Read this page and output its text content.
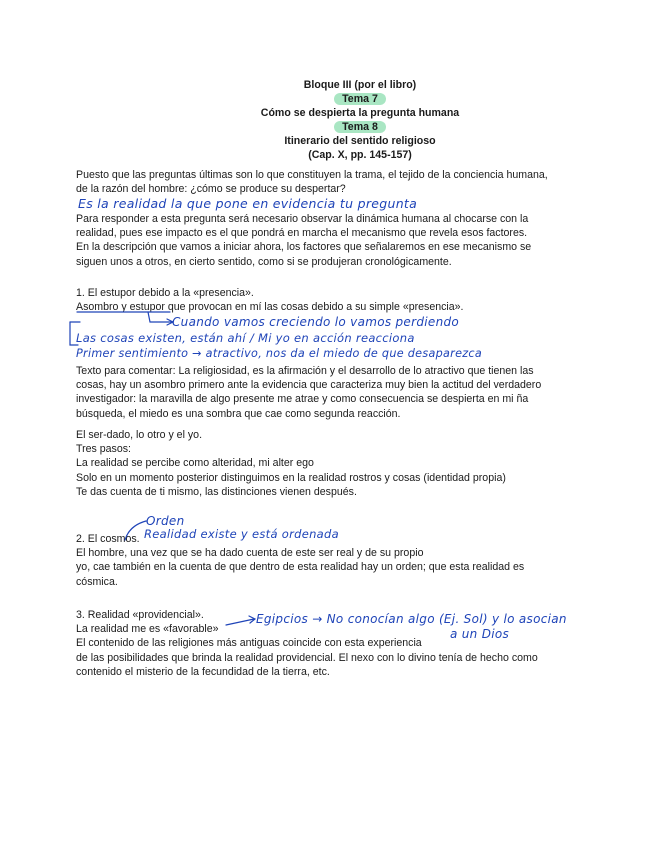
Bloque III (por el libro)
Tema 7
Cómo se despierta la pregunta humana
Tema 8
Itinerario del sentido religioso
(Cap. X, pp. 145-157)
Puesto que las preguntas últimas son lo que constituyen la trama, el tejido de la conciencia humana,
de la razón del hombre: ¿cómo se produce su despertar?
Es la realidad la que pone en evidencia tu pregunta
Para responder a esta pregunta será necesario observar la dinámica humana al chocarse con la
realidad, pues ese impacto es el que pondrá en marcha el mecanismo que revela esos factores.
En la descripción que vamos a iniciar ahora, los factores que señalaremos en ese mecanismo se
siguen unos a otros, en cierto sentido, como si se produjeran cronológicamente.
1. El estupor debido a la «presencia».
Asombro y estupor que provocan en mí las cosas debido a su simple «presencia».
Cuando vamos creciendo lo vamos perdiendo
Las cosas existen, están ahí / Mi yo en acción reacciona
Primer sentimiento → atractivo, nos da el miedo de que desaparezca
Texto para comentar: La religiosidad, es la afirmación y el desarrollo de lo atractivo que tienen las
cosas, hay un asombro primero ante la evidencia que caracteriza muy bien la actitud del verdadero
investigador: la maravilla de algo presente me atrae y como consecuencia se despierta en mi ña
búsqueda, el miedo es una sombra que cae como segunda reacción.
El ser-dado, lo otro y el yo.
Tres pasos:
La realidad se percibe como alteridad, mi alter ego
Solo en un momento posterior distinguimos en la realidad rostros y cosas (identidad propia)
Te das cuenta de ti mismo, las distinciones vienen después.
Orden
Realidad existe y está ordenada
2. El cosmos.
El hombre, una vez que se ha dado cuenta de este ser real y de su propio
yo, cae también en la cuenta de que dentro de esta realidad hay un orden; que esta realidad es
cósmica.
3. Realidad «providencial».
La realidad me es «favorable»
El contenido de las religiones más antiguas coincide con esta experiencia
de las posibilidades que brinda la realidad providencial. El nexo con lo divino tenía de hecho como
contenido el misterio de la fecundidad de la tierra, etc.
Egipcios → No conocían algo (Ej. Sol) y lo asocian
a un Dios
